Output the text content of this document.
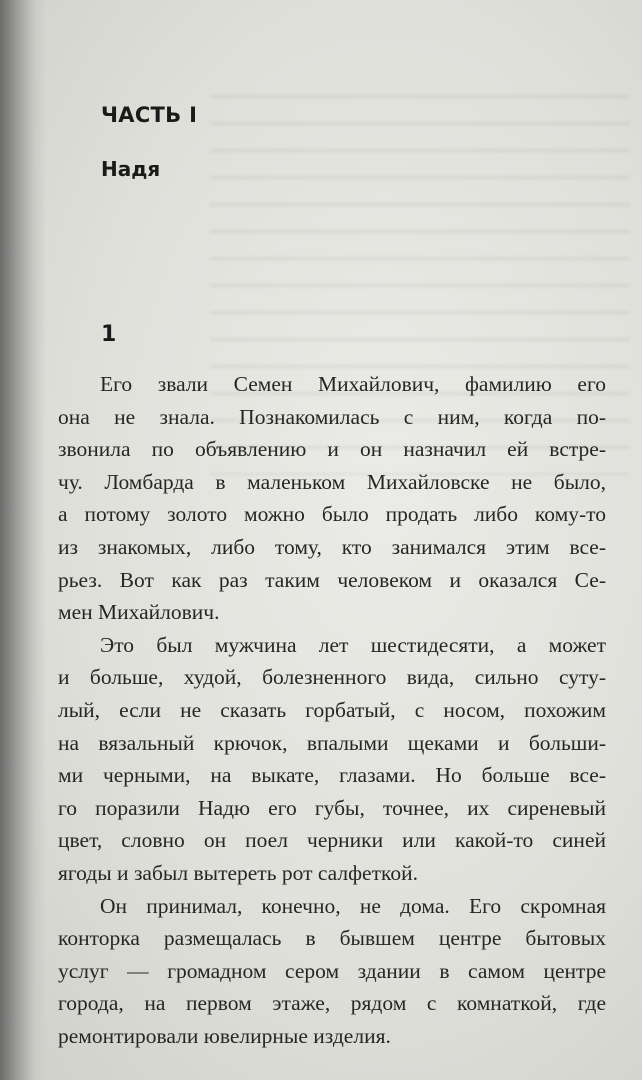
ЧАСТЬ I
Надя
1
Его звали Семен Михайлович, фамилию его
она не знала. Познакомилась с ним, когда по-
звонила по объявлению и он назначил ей встре-
чу. Ломбарда в маленьком Михайловске не было,
а потому золото можно было продать либо кому-то
из знакомых, либо тому, кто занимался этим все-
рьез. Вот как раз таким человеком и оказался Се-
мен Михайлович.
Это был мужчина лет шестидесяти, а может
и больше, худой, болезненного вида, сильно суту-
лый, если не сказать горбатый, с носом, похожим
на вязальный крючок, впалыми щеками и больши-
ми черными, на выкате, глазами. Но больше все-
го поразили Надю его губы, точнее, их сиреневый
цвет, словно он поел черники или какой-то синей
ягоды и забыл вытереть рот салфеткой.
Он принимал, конечно, не дома. Его скромная
конторка размещалась в бывшем центре бытовых
услуг — громадном сером здании в самом центре
города, на первом этаже, рядом с комнаткой, где
ремонтировали ювелирные изделия.
